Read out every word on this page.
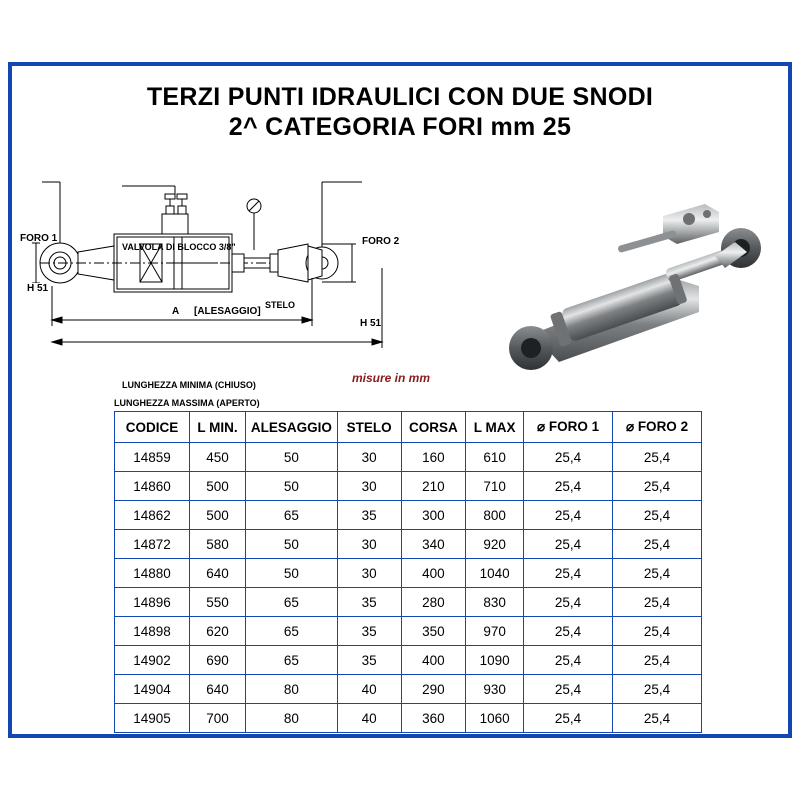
TERZI PUNTI IDRAULICI CON DUE SNODI
2^ CATEGORIA FORI mm 25
FORO 1
H 51
VALVOLA DI BLOCCO 3/8"	FORO 2
STELO
H 51
A [ALESAGGIO]
LUNGHEZZA MINIMA (CHIUSO)
LUNGHEZZA MASSIMA (APERTO)
misure in mm
CODICE	L MIN.	ALESAGGIO	STELO	CORSA	L MAX	⌀ FORO 1	⌀ FORO 2
14859	450	50	30	160	610	25,4	25,4
14860	500	50	30	210	710	25,4	25,4
14862	500	65	35	300	800	25,4	25,4
14872	580	50	30	340	920	25,4	25,4
14880	640	50	30	400	1040	25,4	25,4
14896	550	65	35	280	830	25,4	25,4
14898	620	65	35	350	970	25,4	25,4
14902	690	65	35	400	1090	25,4	25,4
14904	640	80	40	290	930	25,4	25,4
14905	700	80	40	360	1060	25,4	25,4
